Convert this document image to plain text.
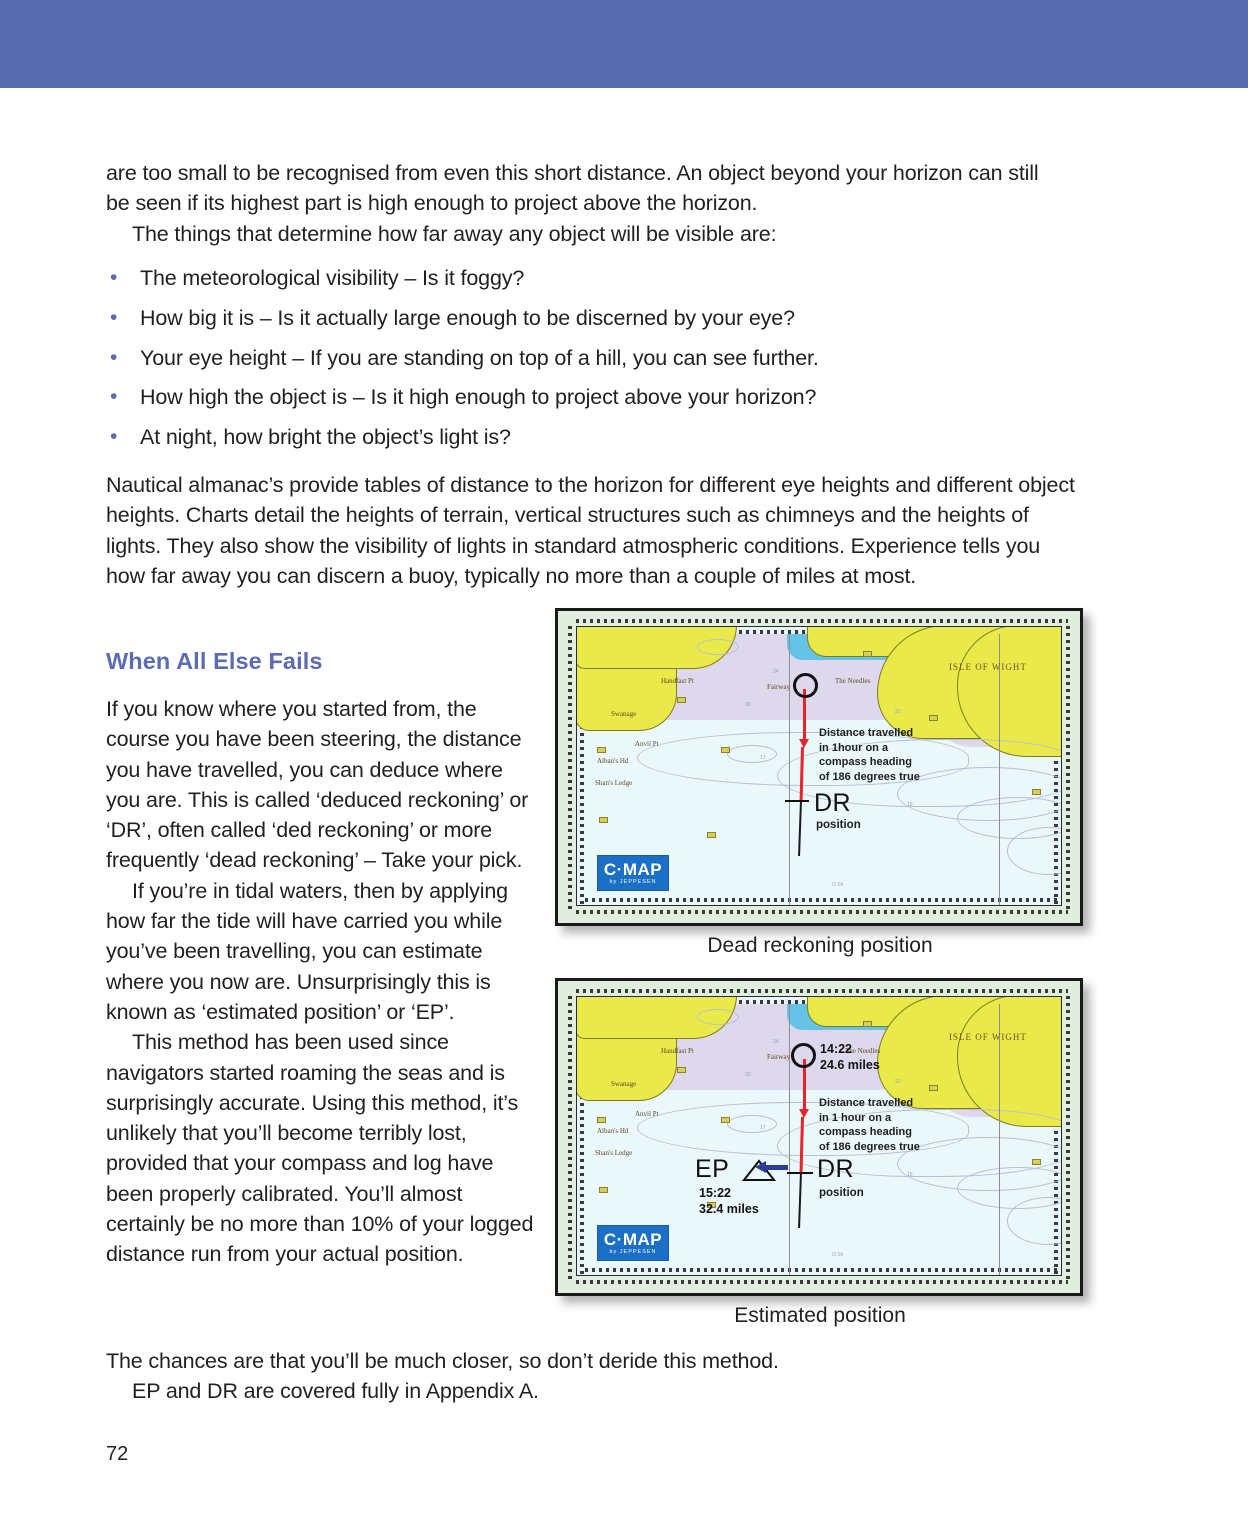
are too small to be recognised from even this short distance. An object beyond your horizon can still be seen if its highest part is high enough to project above the horizon.

The things that determine how far away any object will be visible are:

• The meteorological visibility – Is it foggy?
• How big it is – Is it actually large enough to be discerned by your eye?
• Your eye height – If you are standing on top of a hill, you can see further.
• How high the object is – Is it high enough to project above your horizon?
• At night, how bright the object’s light is?

Nautical almanac’s provide tables of distance to the horizon for different eye heights and different object heights. Charts detail the heights of terrain, vertical structures such as chimneys and the heights of lights. They also show the visibility of lights in standard atmospheric conditions. Experience tells you how far away you can discern a buoy, typically no more than a couple of miles at most.

When All Else Fails

If you know where you started from, the course you have been steering, the distance you have travelled, you can deduce where you are. This is called ‘deduced reckoning’ or ‘DR’, often called ‘ded reckoning’ or more frequently ‘dead reckoning’ – Take your pick.

If you’re in tidal waters, then by applying how far the tide will have carried you while you’ve been travelling, you can estimate where you now are. Unsurprisingly this is known as ‘estimated position’ or ‘EP’.

This method has been used since navigators started roaming the seas and is surprisingly accurate. Using this method, it’s unlikely that you’ll become terribly lost, provided that your compass and log have been properly calibrated. You’ll almost certainly be no more than 10% of your logged distance run from your actual position.

The chances are that you’ll be much closer, so don’t deride this method.

EP and DR are covered fully in Appendix A.

72
Handfast Pt
Swanage
Anvil Pt
Alban's Hd
Shan's Ledge
The Needles
Fairway
ISLE OF WIGHT
24
30
22
O.Sh
17
19
Distance travelled
in 1hour on a
compass heading
of 186 degrees true
DR
position
C·MAP
by JEPPESEN
Dead reckoning position
Handfast Pt
Swanage
Anvil Pt
Alban's Hd
Shan's Ledge
The Needles
Fairway
ISLE OF WIGHT
24
30
22
O.Sh
17
19
14:22
24.6 miles
Distance travelled
in 1 hour on a
compass heading
of 186 degrees true
EP
15:22
32.4 miles
DR
position
C·MAP
by JEPPESEN
Estimated position
